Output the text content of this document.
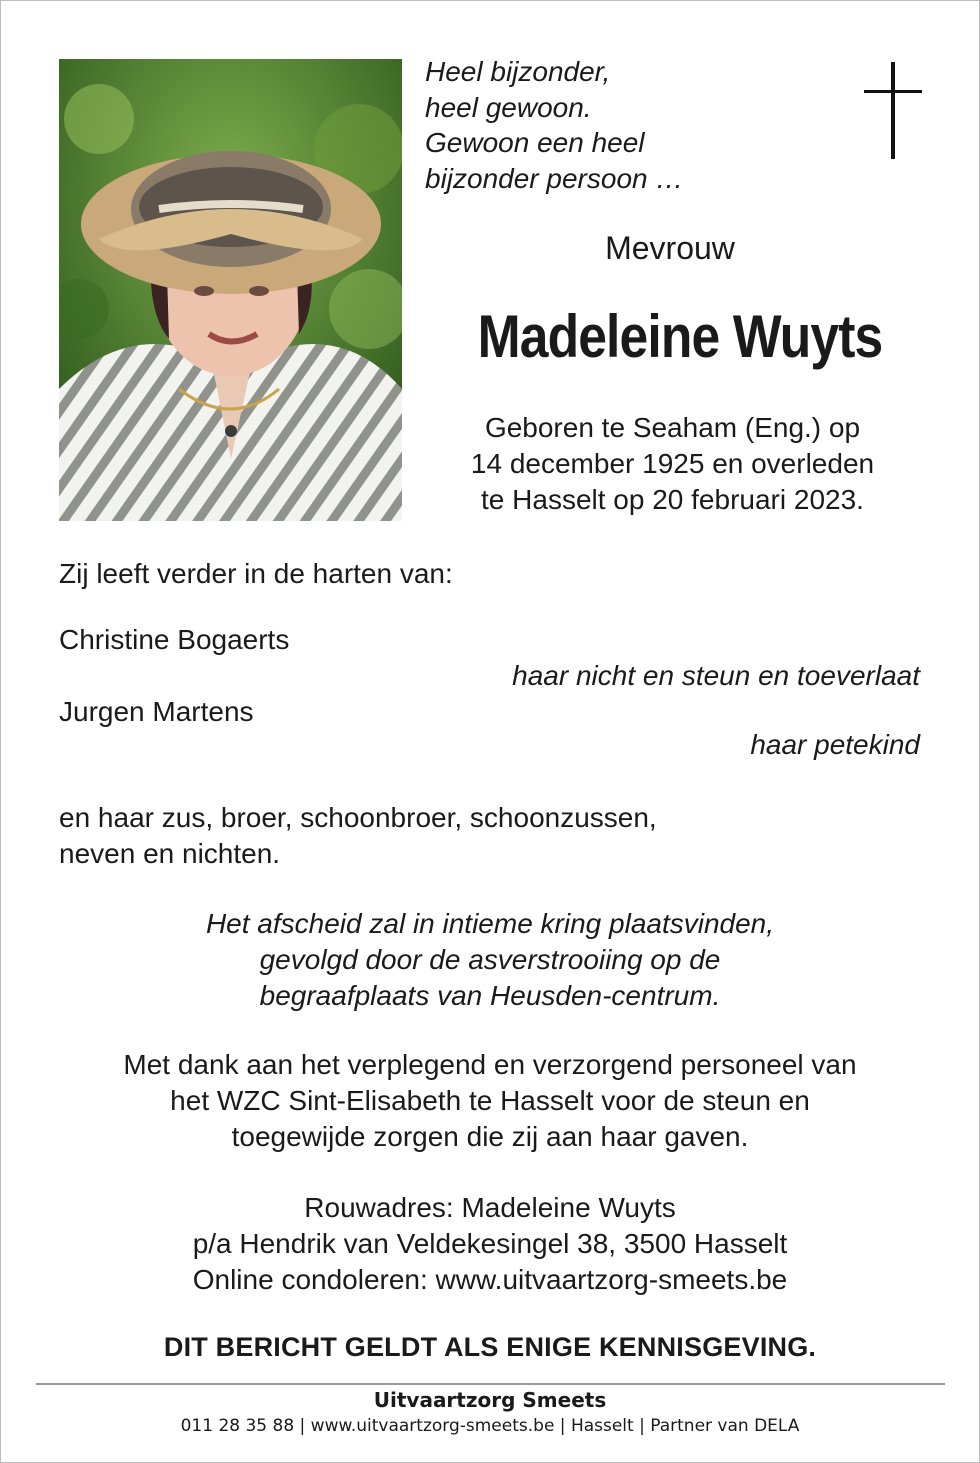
Heel bijzonder,
heel gewoon.
Gewoon een heel
bijzonder persoon …
Mevrouw
Madeleine Wuyts
Geboren te Seaham (Eng.) op
14 december 1925 en overleden
te Hasselt op 20 februari 2023.
Zij leeft verder in de harten van:
Christine Bogaerts
haar nicht en steun en toeverlaat
Jurgen Martens
haar petekind
en haar zus, broer, schoonbroer, schoonzussen,
neven en nichten.
Het afscheid zal in intieme kring plaatsvinden,
gevolgd door de asverstrooiing op de
begraafplaats van Heusden-centrum.
Met dank aan het verplegend en verzorgend personeel van
het WZC Sint-Elisabeth te Hasselt voor de steun en
toegewijde zorgen die zij aan haar gaven.
Rouwadres: Madeleine Wuyts
p/a Hendrik van Veldekesingel 38, 3500 Hasselt
Online condoleren: www.uitvaartzorg-smeets.be
DIT BERICHT GELDT ALS ENIGE KENNISGEVING.
Uitvaartzorg Smeets
011 28 35 88 | www.uitvaartzorg-smeets.be | Hasselt | Partner van DELA
